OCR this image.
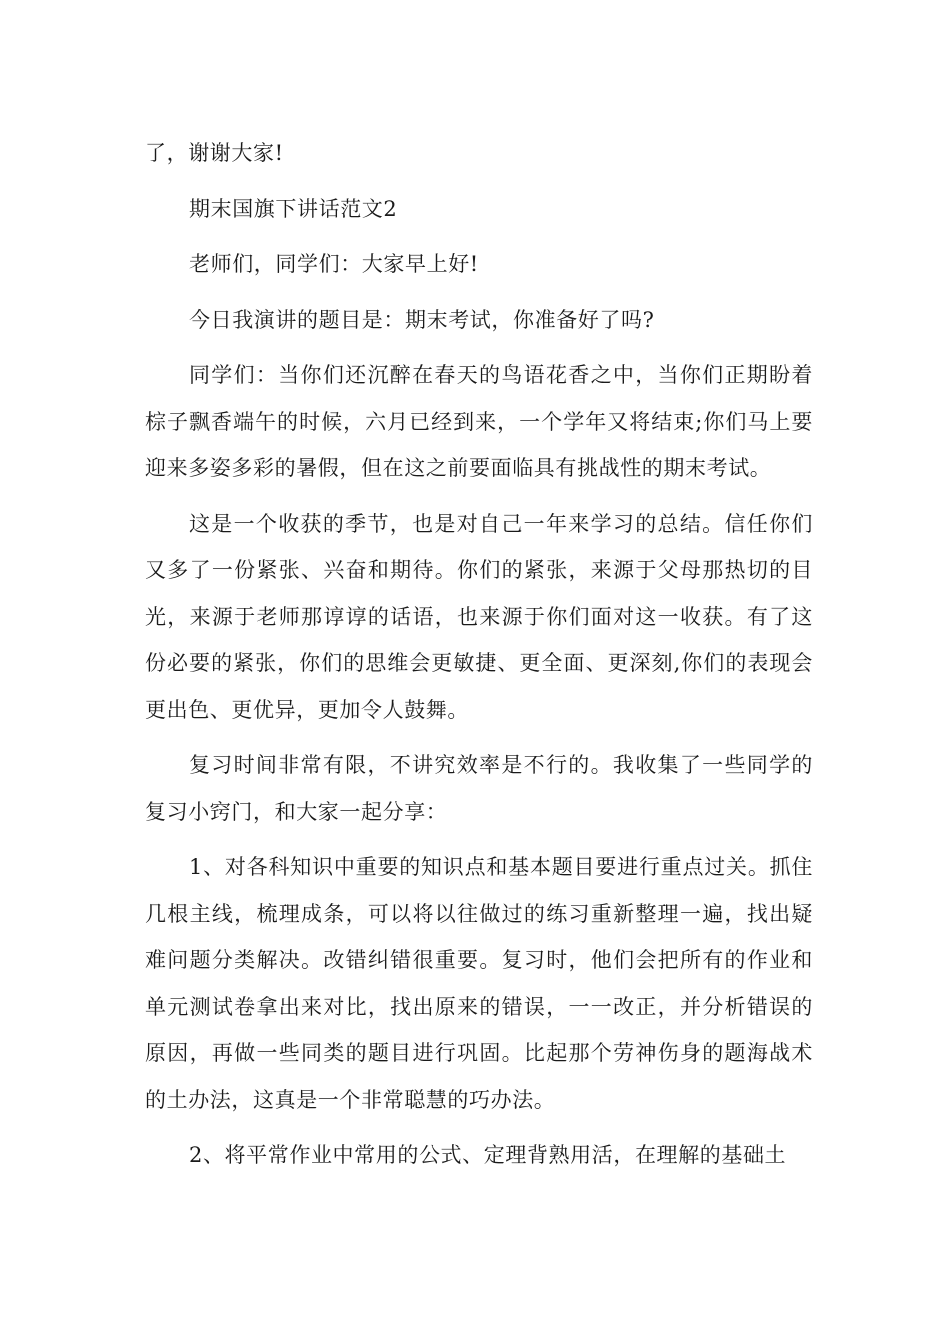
了，谢谢大家!

期末国旗下讲话范文2

老师们，同学们：大家早上好!

今日我演讲的题目是：期末考试，你准备好了吗?

同学们：当你们还沉醉在春天的鸟语花香之中，当你们正期盼着棕子飘香端午的时候，六月已经到来，一个学年又将结束;你们马上要迎来多姿多彩的暑假，但在这之前要面临具有挑战性的期末考试。

这是一个收获的季节，也是对自己一年来学习的总结。信任你们又多了一份紧张、兴奋和期待。你们的紧张，来源于父母那热切的目光，来源于老师那谆谆的话语，也来源于你们面对这一收获。有了这份必要的紧张，你们的思维会更敏捷、更全面、更深刻,你们的表现会更出色、更优异，更加令人鼓舞。

复习时间非常有限，不讲究效率是不行的。我收集了一些同学的复习小窍门，和大家一起分享：

1、对各科知识中重要的知识点和基本题目要进行重点过关。抓住几根主线，梳理成条，可以将以往做过的练习重新整理一遍，找出疑难问题分类解决。改错纠错很重要。复习时，他们会把所有的作业和单元测试卷拿出来对比，找出原来的错误，一一改正，并分析错误的原因，再做一些同类的题目进行巩固。比起那个劳神伤身的题海战术的土办法，这真是一个非常聪慧的巧办法。

2、将平常作业中常用的公式、定理背熟用活，在理解的基础土
